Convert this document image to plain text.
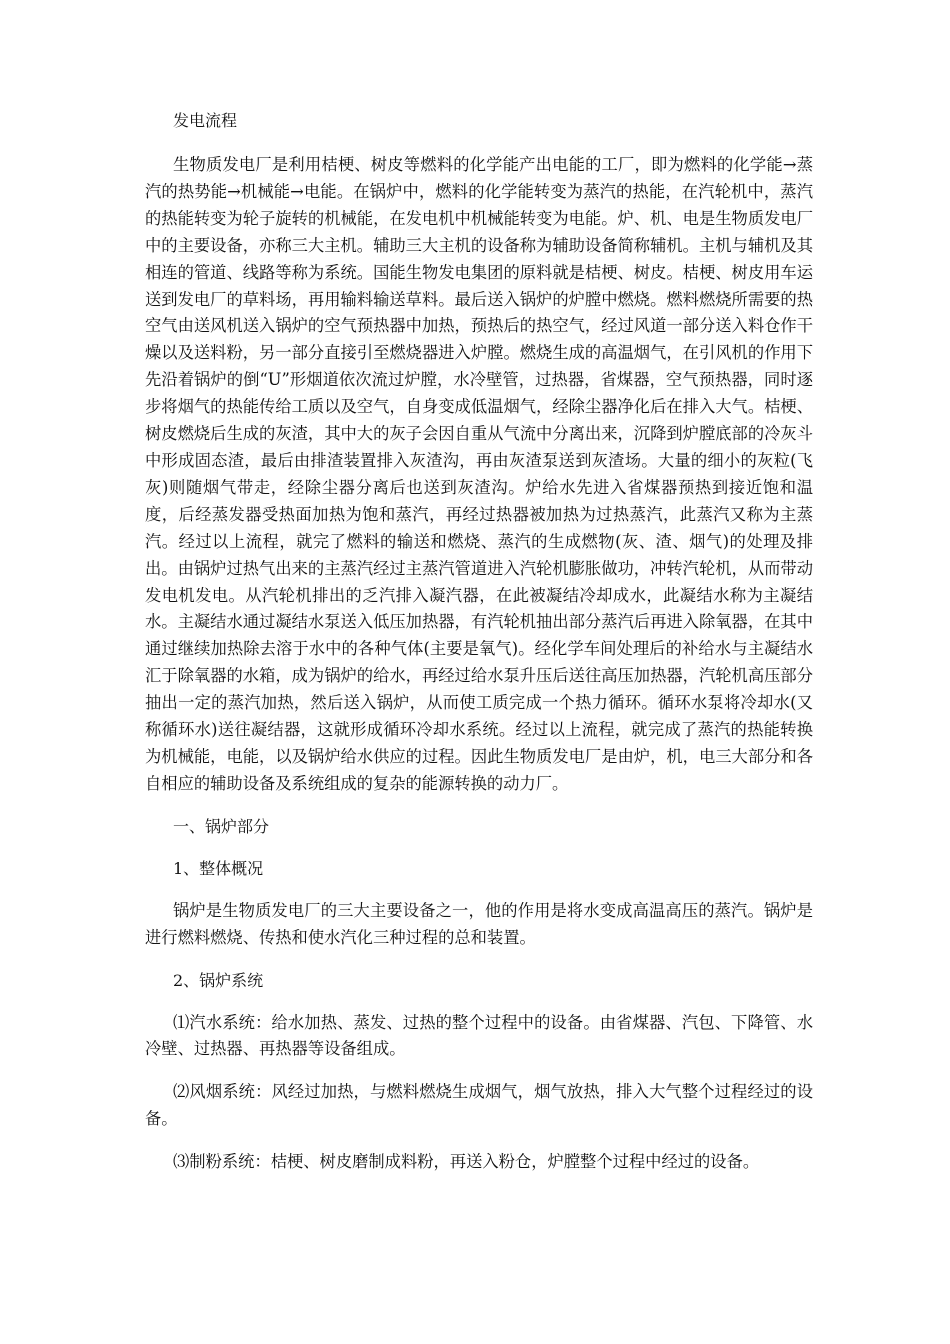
发电流程

生物质发电厂是利用桔梗、树皮等燃料的化学能产出电能的工厂，即为燃料的化学能→蒸汽的热势能→机械能→电能。在锅炉中，燃料的化学能转变为蒸汽的热能，在汽轮机中，蒸汽的热能转变为轮子旋转的机械能，在发电机中机械能转变为电能。炉、机、电是生物质发电厂中的主要设备，亦称三大主机。辅助三大主机的设备称为辅助设备简称辅机。主机与辅机及其相连的管道、线路等称为系统。国能生物发电集团的原料就是桔梗、树皮。桔梗、树皮用车运送到发电厂的草料场，再用输料输送草料。最后送入锅炉的炉膛中燃烧。燃料燃烧所需要的热空气由送风机送入锅炉的空气预热器中加热，预热后的热空气，经过风道一部分送入料仓作干燥以及送料粉，另一部分直接引至燃烧器进入炉膛。燃烧生成的高温烟气，在引风机的作用下先沿着锅炉的倒“U”形烟道依次流过炉膛，水冷壁管，过热器，省煤器，空气预热器，同时逐步将烟气的热能传给工质以及空气，自身变成低温烟气，经除尘器净化后在排入大气。桔梗、树皮燃烧后生成的灰渣，其中大的灰子会因自重从气流中分离出来，沉降到炉膛底部的冷灰斗中形成固态渣，最后由排渣装置排入灰渣沟，再由灰渣泵送到灰渣场。大量的细小的灰粒(飞灰)则随烟气带走，经除尘器分离后也送到灰渣沟。炉给水先进入省煤器预热到接近饱和温度，后经蒸发器受热面加热为饱和蒸汽，再经过热器被加热为过热蒸汽，此蒸汽又称为主蒸汽。经过以上流程，就完了燃料的输送和燃烧、蒸汽的生成燃物(灰、渣、烟气)的处理及排出。由锅炉过热气出来的主蒸汽经过主蒸汽管道进入汽轮机膨胀做功，冲转汽轮机，从而带动发电机发电。从汽轮机排出的乏汽排入凝汽器，在此被凝结冷却成水，此凝结水称为主凝结水。主凝结水通过凝结水泵送入低压加热器，有汽轮机抽出部分蒸汽后再进入除氧器，在其中通过继续加热除去溶于水中的各种气体(主要是氧气)。经化学车间处理后的补给水与主凝结水汇于除氧器的水箱，成为锅炉的给水，再经过给水泵升压后送往高压加热器，汽轮机高压部分抽出一定的蒸汽加热，然后送入锅炉，从而使工质完成一个热力循环。循环水泵将冷却水(又称循环水)送往凝结器，这就形成循环冷却水系统。经过以上流程，就完成了蒸汽的热能转换为机械能，电能，以及锅炉给水供应的过程。因此生物质发电厂是由炉，机，电三大部分和各自相应的辅助设备及系统组成的复杂的能源转换的动力厂。

一、锅炉部分

1、整体概况

锅炉是生物质发电厂的三大主要设备之一，他的作用是将水变成高温高压的蒸汽。锅炉是进行燃料燃烧、传热和使水汽化三种过程的总和装置。

2、锅炉系统

⑴汽水系统：给水加热、蒸发、过热的整个过程中的设备。由省煤器、汽包、下降管、水冷壁、过热器、再热器等设备组成。

⑵风烟系统：风经过加热，与燃料燃烧生成烟气，烟气放热，排入大气整个过程经过的设备。

⑶制粉系统：桔梗、树皮磨制成料粉，再送入粉仓，炉膛整个过程中经过的设备。
